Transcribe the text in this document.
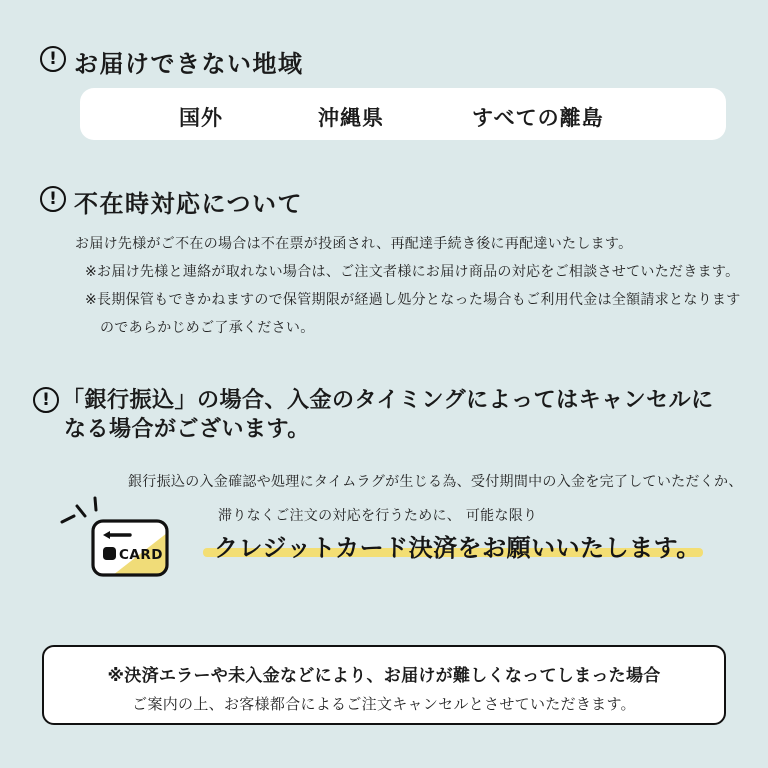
! お届けできない地域
国外	沖縄県	すべての離島
! 不在時対応について
お届け先様がご不在の場合は不在票が投函され、再配達手続き後に再配達いたします。
※お届け先様と連絡が取れない場合は、ご注文者様にお届け商品の対応をご相談させていただきます。
※長期保管もできかねますので保管期限が経過し処分となった場合もご利用代金は全額請求となります
のであらかじめご了承ください。
! 「銀行振込」の場合、入金のタイミングによってはキャンセルに
なる場合がございます。
銀行振込の入金確認や処理にタイムラグが生じる為、受付期間中の入金を完了していただくか、
滞りなくご注文の対応を行うために、 可能な限り
CARD クレジットカード決済をお願いいたします。
※決済エラーや未入金などにより、お届けが難しくなってしまった場合
ご案内の上、お客様都合によるご注文キャンセルとさせていただきます。
